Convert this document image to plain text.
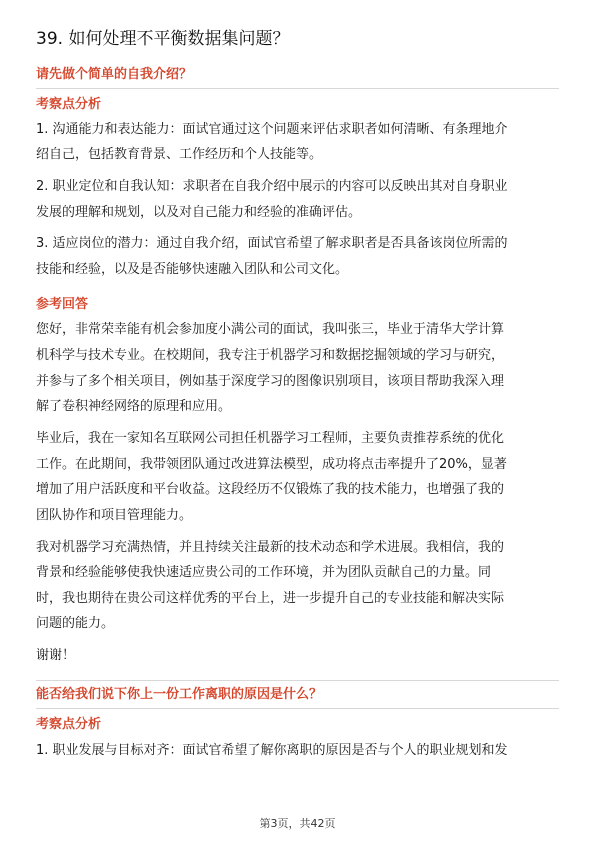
39. 如何处理不平衡数据集问题？
请先做个简单的自我介绍？
考察点分析
1. 沟通能力和表达能力：面试官通过这个问题来评估求职者如何清晰、有条理地介
绍自己，包括教育背景、工作经历和个人技能等。
2. 职业定位和自我认知：求职者在自我介绍中展示的内容可以反映出其对自身职业
发展的理解和规划，以及对自己能力和经验的准确评估。
3. 适应岗位的潜力：通过自我介绍，面试官希望了解求职者是否具备该岗位所需的
技能和经验，以及是否能够快速融入团队和公司文化。
参考回答
您好，非常荣幸能有机会参加度小满公司的面试，我叫张三，毕业于清华大学计算
机科学与技术专业。在校期间，我专注于机器学习和数据挖掘领域的学习与研究，
并参与了多个相关项目，例如基于深度学习的图像识别项目，该项目帮助我深入理
解了卷积神经网络的原理和应用。
毕业后，我在一家知名互联网公司担任机器学习工程师，主要负责推荐系统的优化
工作。在此期间，我带领团队通过改进算法模型，成功将点击率提升了20%，显著
增加了用户活跃度和平台收益。这段经历不仅锻炼了我的技术能力，也增强了我的
团队协作和项目管理能力。
我对机器学习充满热情，并且持续关注最新的技术动态和学术进展。我相信，我的
背景和经验能够使我快速适应贵公司的工作环境，并为团队贡献自己的力量。同
时，我也期待在贵公司这样优秀的平台上，进一步提升自己的专业技能和解决实际
问题的能力。
谢谢！
能否给我们说下你上一份工作离职的原因是什么？
考察点分析
1. 职业发展与目标对齐：面试官希望了解你离职的原因是否与个人的职业规划和发
第3页，共42页
